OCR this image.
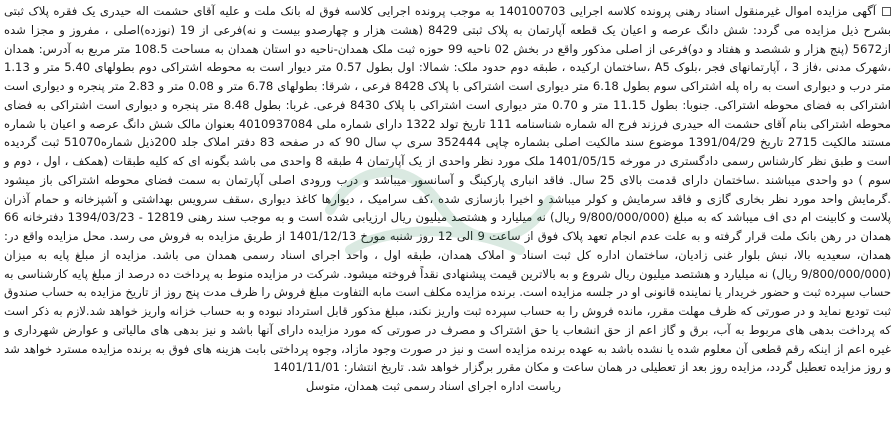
آگهی مزایده اموال غیرمنقول اسناد رهنی پرونده کلاسه اجرایی 140100703 به موجب پرونده اجرایی کلاسه فوق له بانک ملت و علیه آقای حشمت اله حیدری یک فقره پلاک ثبتی بشرح ذیل مزایده می گردد: شش دانگ عرصه و اعیان یک قطعه آپارتمان به پلاک ثبتی 8429 (هشت هزار و چهارصدو بیست و نه)فرعی از 19 (نوزده)اصلی ، مفروز و مجزا شده از5672 (پنج هزار و ششصد و هفتاد و دو)فرعی از اصلی مذکور واقع در بخش 02 ناحیه 99 حوزه ثبت ملک همدان-ناحیه دو استان همدان به مساحت 108.5 متر مربع به آدرس: همدان ،شهرک مدنی ،فاز 3 ، آپارتمانهای فجر ،بلوک A5 ،ساختمان ارکیده ، طبقه دوم حدود ملک: شمالا: اول بطول 0.57 متر دیوار است به محوطه اشتراکی دوم بطولهای 5.40 متر و 1.13 متر درب و دیواری است به راه پله اشتراکی سوم بطول 6.18 متر دیواری است اشتراکی با پلاک 8428 فرعی ، شرقا: بطولهای 6.78 متر و 0.08 متر و 2.83 متر پنجره و دیواری است اشتراکی به فضای محوطه اشتراکی. جنوبا: بطول 11.15 متر و 0.70 متر دیواری است اشتراکی با پلاک 8430 فرعی. غربا: بطول 8.48 متر پنجره و دیواری است اشتراکی به فضای محوطه اشتراکی بنام آقای حشمت اله حیدری فرزند فرج اله شماره شناسنامه 111 تاریخ تولد 1322 دارای شماره ملی 4010937084 بعنوان مالک شش دانگ عرصه و اعیان با شماره مستند مالکیت 2715 تاریخ 1391/04/29 موضوع سند مالکیت اصلی بشماره چاپی 352444 سری پ سال 90 که در صفحه 83 دفتر املاک جلد 200ذیل شماره51070 ثبت گردیده است و طبق نظر کارشناس رسمی دادگستری در مورخه 1401/05/15 ملک مورد نظر واحدی از یک آپارتمان 4 طبقه 8 واحدی می باشد بگونه ای که کلیه طبقات (همکف ، اول ، دوم و سوم ) دو واحدی میباشند .ساختمان دارای قدمت بالای 25 سال. فاقد انباری پارکینگ و آسانسور میباشد و درب ورودی اصلی آپارتمان به سمت فضای محوطه اشتراکی باز میشود .گرمایش واحد مورد نظر بخاری گازی و فاقد سرمایش و کولر میباشد و اخیرا بازسازی شده ،کف سرامیک ، دیوارها کاغذ دیواری ،سقف سرویس بهداشتی و آشپزخانه و حمام آذران پلاست و کابینت ام دی اف میباشد که به مبلغ (9/800/000/000 ریال) نه میلیارد و هشتصد میلیون ریال ارزیابی شده است و به موجب سند رهنی 12819 - 1394/03/23 دفترخانه 66 همدان در رهن بانک ملت قرار گرفته و به علت عدم انجام تعهد پلاک فوق از ساعت 9 الی 12 روز شنبه مورخ 1401/12/13 از طریق مزایده به فروش می رسد. محل مزایده واقع در: همدان، سعیدیه بالا، نبش بلوار غنی زادیان، ساختمان اداره کل ثبت اسناد و املاک همدان، طبقه اول ، واحد اجرای اسناد رسمی همدان می باشد. مزایده از مبلغ پایه به میزان (9/800/000/000 ریال) نه میلیارد و هشتصد میلیون ریال شروع و به بالاترین قیمت پیشنهادی نقداً فروخته میشود. شرکت در مزایده منوط به پرداخت ده درصد از مبلغ پایه کارشناسی به حساب سپرده ثبت و حضور خریدار یا نماینده قانونی او در جلسه مزایده است. برنده مزایده مکلف است مابه التفاوت مبلغ فروش را ظرف مدت پنج روز از تاریخ مزایده به حساب صندوق ثبت تودیع نماید و در صورتی که ظرف مهلت مقرر، مانده فروش را به حساب سپرده ثبت واریز نکند، مبلغ مذکور قابل استرداد نبوده و به حساب خزانه واریز خواهد شد.لازم به ذکر است که پرداخت بدهی های مربوط به آب، برق و گاز اعم از حق انشعاب یا حق اشتراک و مصرف در صورتی که مورد مزایده دارای آنها باشد و نیز بدهی های مالیاتی و عوارض شهرداری و غیره اعم از اینکه رقم قطعی آن معلوم شده یا نشده باشد به عهده برنده مزایده است و نیز در صورت وجود مازاد، وجوه پرداختی بابت هزینه های فوق به برنده مزایده مسترد خواهد شد و روز مزایده تعطیل گردد، مزایده روز بعد از تعطیلی در همان ساعت و مکان مقرر برگزار خواهد شد. تاریخ انتشار: 1401/11/01

رياست اداره اجراى اسناد رسمى ثبت همدان، متوسل
